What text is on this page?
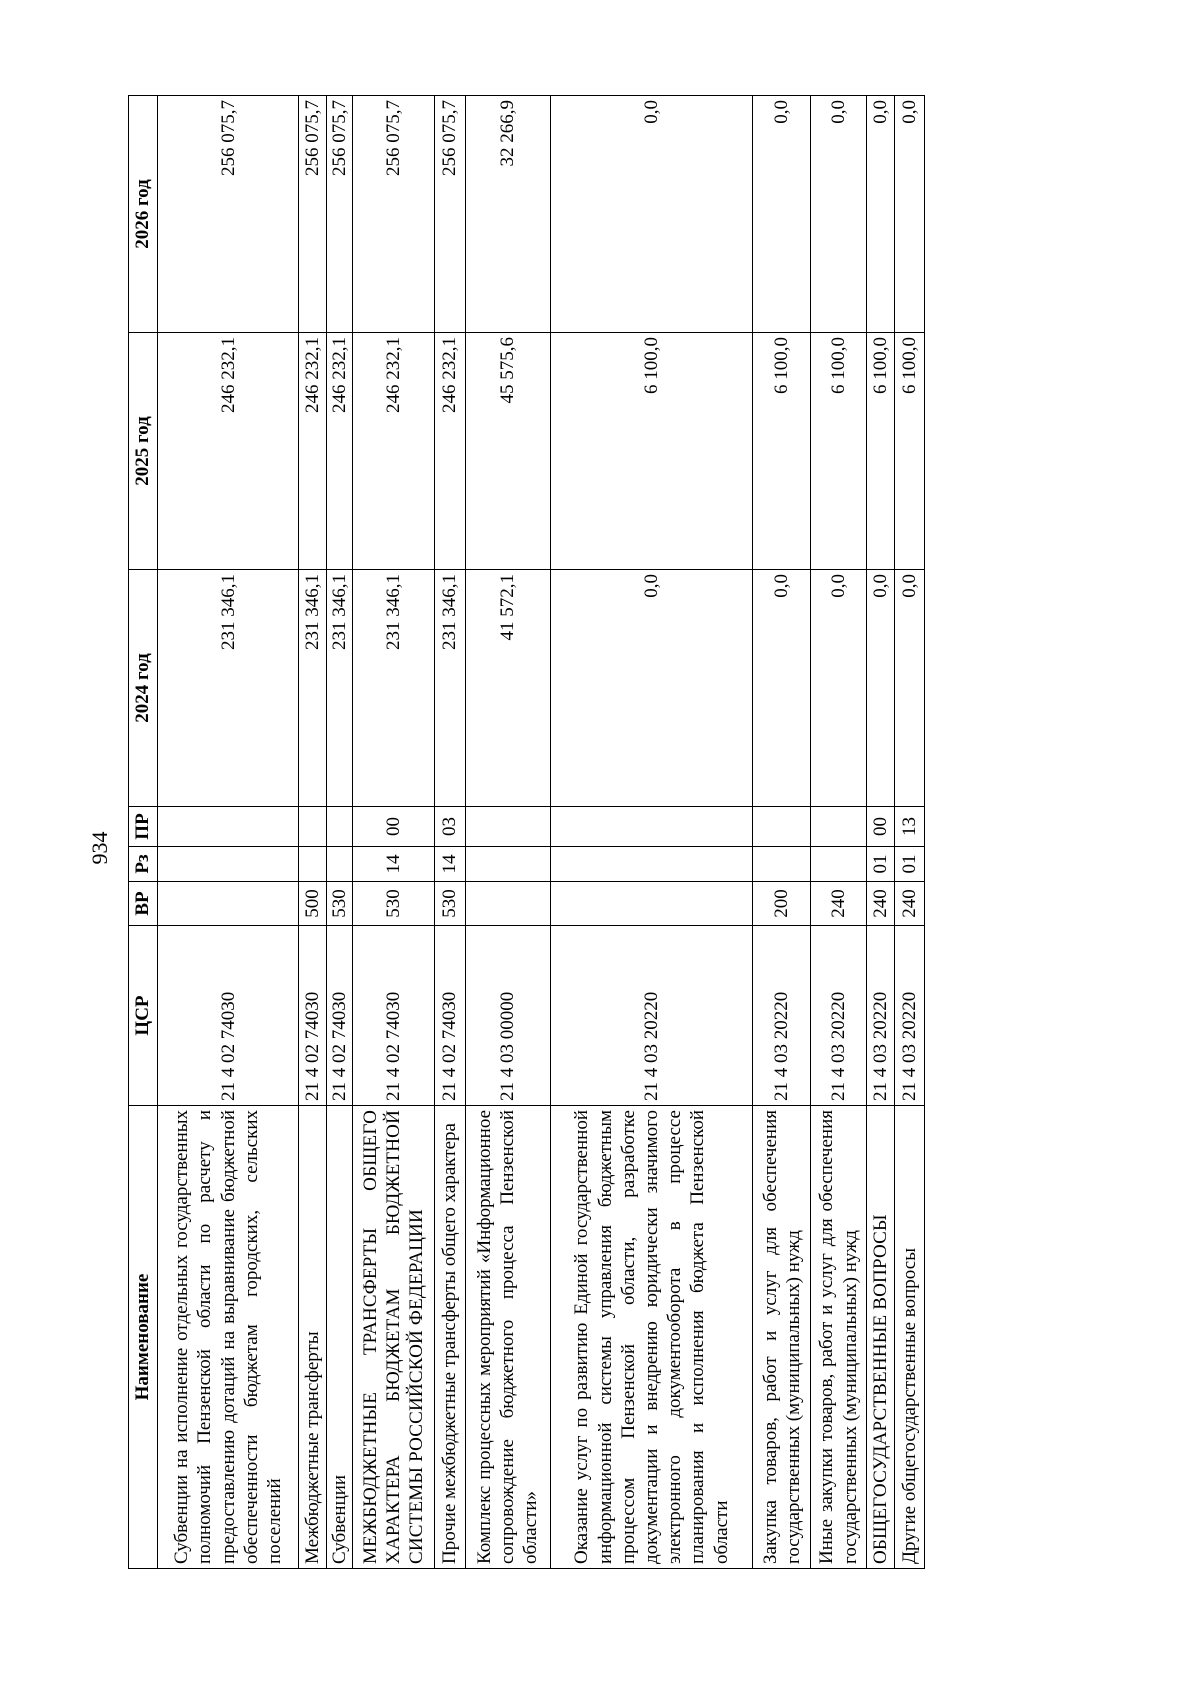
934
Наименование	ЦСР	ВР	Рз	ПР	2024 год	2025 год	2026 год
Субвенции на исполнение отдельных государственных полномочий Пензенской области по расчету и предоставлению дотаций на выравнивание бюджетной обеспеченности бюджетам городских, сельских поселений	21 4 02 74030				231 346,1	246 232,1	256 075,7
Межбюджетные трансферты	21 4 02 74030	500			231 346,1	246 232,1	256 075,7
Субвенции	21 4 02 74030	530			231 346,1	246 232,1	256 075,7
МЕЖБЮДЖЕТНЫЕ ТРАНСФЕРТЫ ОБЩЕГО ХАРАКТЕРА БЮДЖЕТАМ БЮДЖЕТНОЙ СИСТЕМЫ РОССИЙСКОЙ ФЕДЕРАЦИИ	21 4 02 74030	530	14	00	231 346,1	246 232,1	256 075,7
Прочие межбюджетные трансферты общего характера	21 4 02 74030	530	14	03	231 346,1	246 232,1	256 075,7
Комплекс процессных мероприятий «Информационное сопровождение бюджетного процесса Пензенской области»	21 4 03 00000				41 572,1	45 575,6	32 266,9
Оказание услуг по развитию Единой государственной информационной системы управления бюджетным процессом Пензенской области, разработке документации и внедрению юридически значимого электронного документооборота в процессе планирования и исполнения бюджета Пензенской области	21 4 03 20220				0,0	6 100,0	0,0
Закупка товаров, работ и услуг для обеспечения государственных (муниципальных) нужд	21 4 03 20220	200			0,0	6 100,0	0,0
Иные закупки товаров, работ и услуг для обеспечения государственных (муниципальных) нужд	21 4 03 20220	240			0,0	6 100,0	0,0
ОБЩЕГОСУДАРСТВЕННЫЕ ВОПРОСЫ	21 4 03 20220	240	01	00	0,0	6 100,0	0,0
Другие общегосударственные вопросы	21 4 03 20220	240	01	13	0,0	6 100,0	0,0
